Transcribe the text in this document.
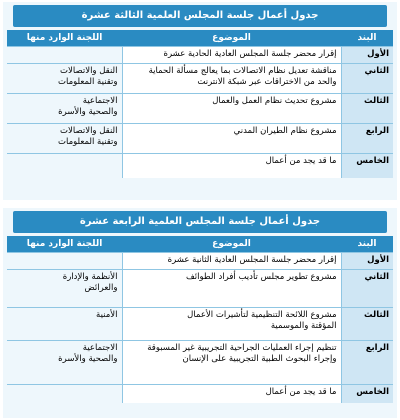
جدول أعمال جلسة المجلس العلمية الثالثة عشرة
البند	الموضوع	اللجنة الوارد منها
الأول	إقرار محضر جلسة المجلس العادية الحادية عشرة	

الثاني	مناقشة تعديل نظام الاتصالات بما يعالج مسألة الحماية
والحد من الاختراقات عبر شبكة الانترنت	النقل والاتصالات
وتقنية المعلومات

الثالث	مشروع تحديث نظام العمل والعمال	الاجتماعية
والصحية والأسرة

الرابع	مشروع نظام الطيران المدني	النقل والاتصالات
وتقنية المعلومات

الخامس	ما قد يجد من أعمال	

جدول أعمال جلسة المجلس العلمية الرابعة عشرة
البند	الموضوع	اللجنة الوارد منها
الأول	إقرار محضر جلسة المجلس العادية الثانية عشرة	

الثاني	مشروع تطوير مجلس تأديب أفراد الطوائف	الأنظمة والإدارة
والعرائض

الثالث	مشروع اللائحة التنظيمية لتأشيرات الأعمال
المؤقتة والموسمية	الأمنية

الرابع	تنظيم إجراء العمليات الجراحية التجريبية غير المسبوقة
وإجراء البحوث الطبية التجريبية على الإنسان	الاجتماعية
والصحية والأسرة

الخامس	ما قد يجد من أعمال	
